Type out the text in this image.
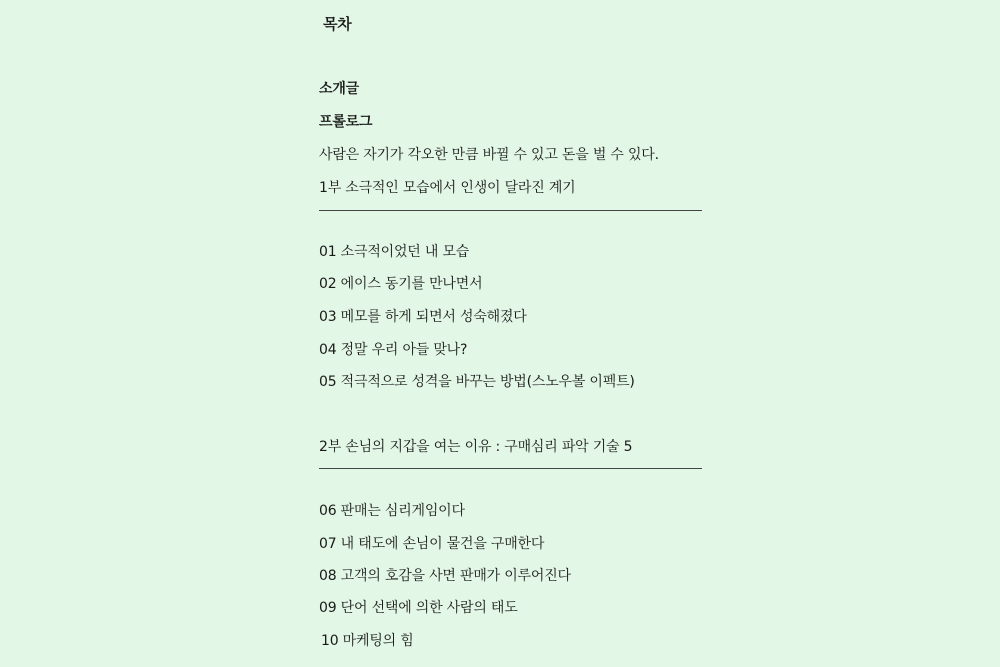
목차
소개글
프롤로그
사람은 자기가 각오한 만큼 바뀔 수 있고 돈을 벌 수 있다.
1부 소극적인 모습에서 인생이 달라진 계기
01 소극적이었던 내 모습
02 에이스 동기를 만나면서
03 메모를 하게 되면서 성숙해졌다
04 정말 우리 아들 맞나?
05 적극적으로 성격을 바꾸는 방법(스노우볼 이펙트)
2부 손님의 지갑을 여는 이유 : 구매심리 파악 기술 5
06 판매는 심리게임이다
07 내 태도에 손님이 물건을 구매한다
08 고객의 호감을 사면 판매가 이루어진다
09 단어 선택에 의한 사람의 태도
10 마케팅의 힘
